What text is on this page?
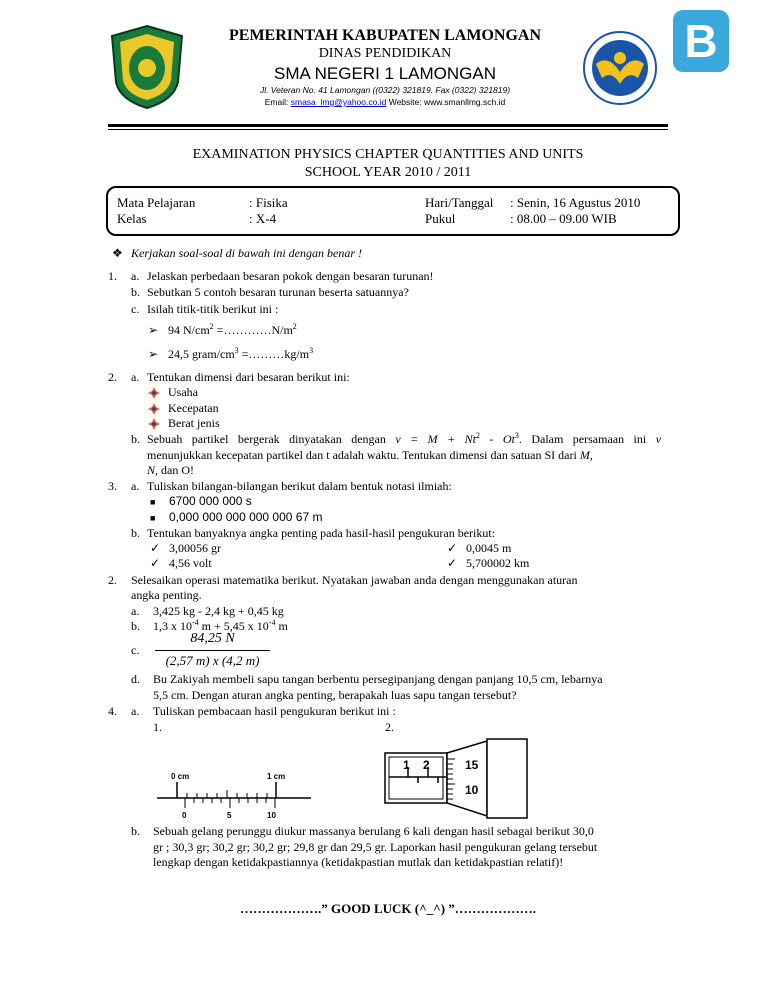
PEMERINTAH KABUPATEN LAMONGAN
DINAS PENDIDIKAN
SMA NEGERI 1 LAMONGAN
Jl. Veteran No. 41 Lamongan ((0322) 321819. Fax (0322) 321819)
Email: smasa_lmg@yahoo.co.id Website: www.smanllmg.sch.id
B
EXAMINATION PHYSICS CHAPTER QUANTITIES AND UNITS
SCHOOL YEAR 2010 / 2011
Mata Pelajaran	: Fisika
Kelas	: X-4
Hari/Tanggal : Senin, 16 Agustus 2010
Pukul	: 08.00 – 09.00 WIB
❖ Kerjakan soal-soal di bawah ini dengan benar !
1. a. Jelaskan perbedaan besaran pokok dengan besaran turunan!
b. Sebutkan 5 contoh besaran turunan beserta satuannya?
c. Isilah titik-titik berikut ini :
➢ 94 $N/cm^2$ $=\dots\dots\dots\dots N/m^2$
➢ 24,5 gram/$cm^3$ $=\dots\dots\dots kg/m^3$
2. a. Tentukan dimensi dari besaran berikut ini:
Usaha
Kecepatan
Berat jenis
b. Sebuah partikel bergerak dinyatakan dengan $v = M + Nt^2 - Ot^3$. Dalam persamaan ini v
menunjukkan kecepatan partikel dan t adalah waktu. Tentukan dimensi dan satuan SI dari M,
N, dan O!
3. a. Tuliskan bilangan-bilangan berikut dalam bentuk notasi ilmiah:
■ 6700 000 000 s
■ 0,000 000 000 000 000 67 m
b. Tentukan banyaknya angka penting pada hasil-hasil pengukuran berikut:
✓ 3,00056 gr	✓ 0,0045 m
✓ 4,56 volt	✓ 5,700002 km
2. Selesaikan operasi matematika berikut. Nyatakan jawaban anda dengan menggunakan aturan
angka penting.
a. 3,425 kg - 2,4 kg + 0,45 kg
b. 1,3 x $10^{-4}$ m + 5,45 x $10^{-4}$ m
c.
84,25 N
(2,57 m) x (4,2 m)
d. Bu Zakiyah membeli sapu tangan berbentu persegipanjang dengan panjang 10,5 cm, lebarnya
5,5 cm. Dengan aturan angka penting, berapakah luas sapu tangan tersebut?
4. a. Tuliskan pembacaan hasil pengukuran berikut ini :
1.	2.
0 cm	1 cm
0	5	10
1 2	15
10
b. Sebuah gelang perunggu diukur massanya berulang 6 kali dengan hasil sebagai berikut 30,0
gr ; 30,3 gr; 30,2 gr; 30,2 gr; 29,8 gr dan 29,5 gr. Laporkan hasil pengukuran gelang tersebut
lengkap dengan ketidakpastiannya (ketidakpastian mutlak dan ketidakpastian relatif)!
……………….” GOOD LUCK (^_^) ”……………….
